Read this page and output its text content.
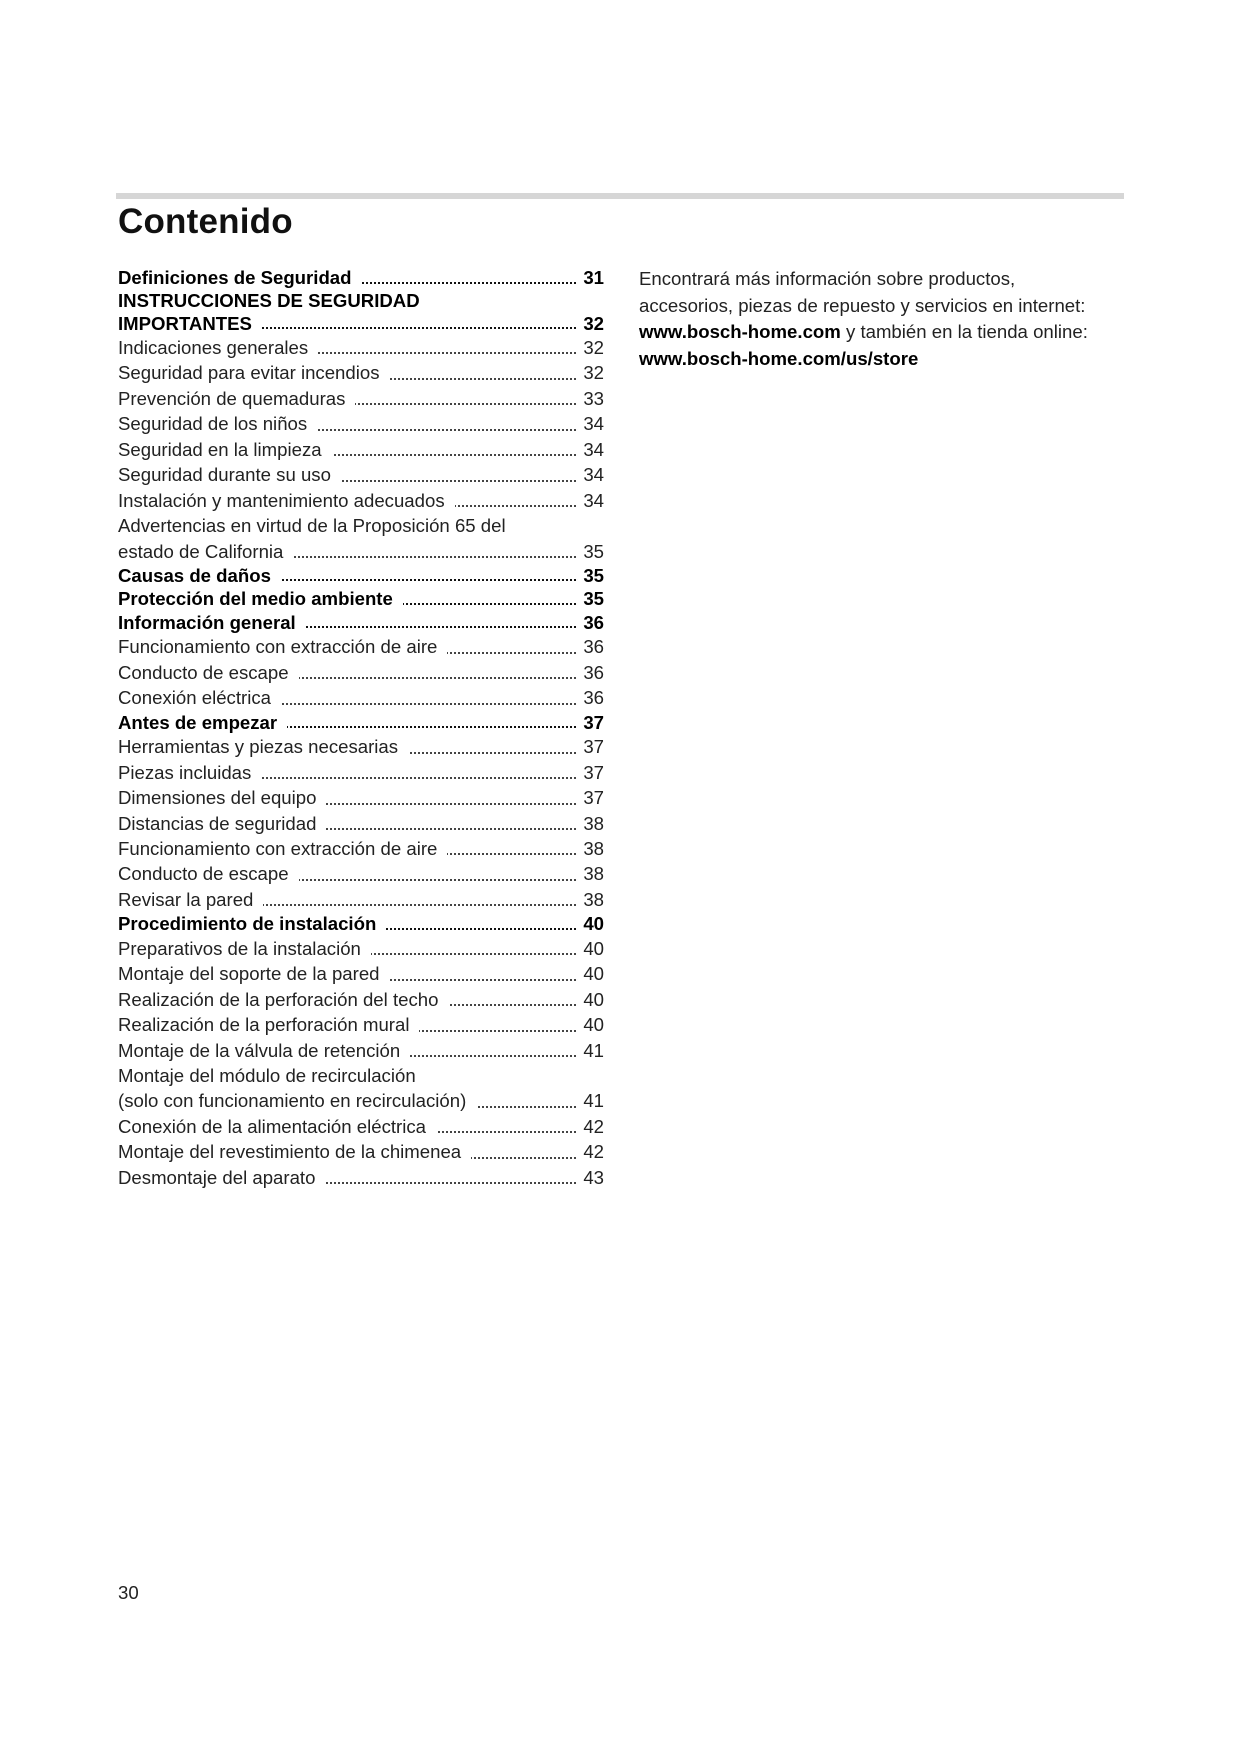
Contenido
Definiciones de Seguridad	31
INSTRUCCIONES DE SEGURIDAD
IMPORTANTES	32
Indicaciones generales	32
Seguridad para evitar incendios	32
Prevención de quemaduras	33
Seguridad de los niños	34
Seguridad en la limpieza	34
Seguridad durante su uso	34
Instalación y mantenimiento adecuados	34
Advertencias en virtud de la Proposición 65 del
estado de California	35
Causas de daños	35
Protección del medio ambiente	35
Información general	36
Funcionamiento con extracción de aire	36
Conducto de escape	36
Conexión eléctrica	36
Antes de empezar	37
Herramientas y piezas necesarias	37
Piezas incluidas	37
Dimensiones del equipo	37
Distancias de seguridad	38
Funcionamiento con extracción de aire	38
Conducto de escape	38
Revisar la pared	38
Procedimiento de instalación	40
Preparativos de la instalación	40
Montaje del soporte de la pared	40
Realización de la perforación del techo	40
Realización de la perforación mural	40
Montaje de la válvula de retención	41
Montaje del módulo de recirculación
(solo con funcionamiento en recirculación)	41
Conexión de la alimentación eléctrica	42
Montaje del revestimiento de la chimenea	42
Desmontaje del aparato	43

Encontrará más información sobre productos,
accesorios, piezas de repuesto y servicios en internet:
www.bosch-home.com y también en la tienda online:
www.bosch-home.com/us/store

30
